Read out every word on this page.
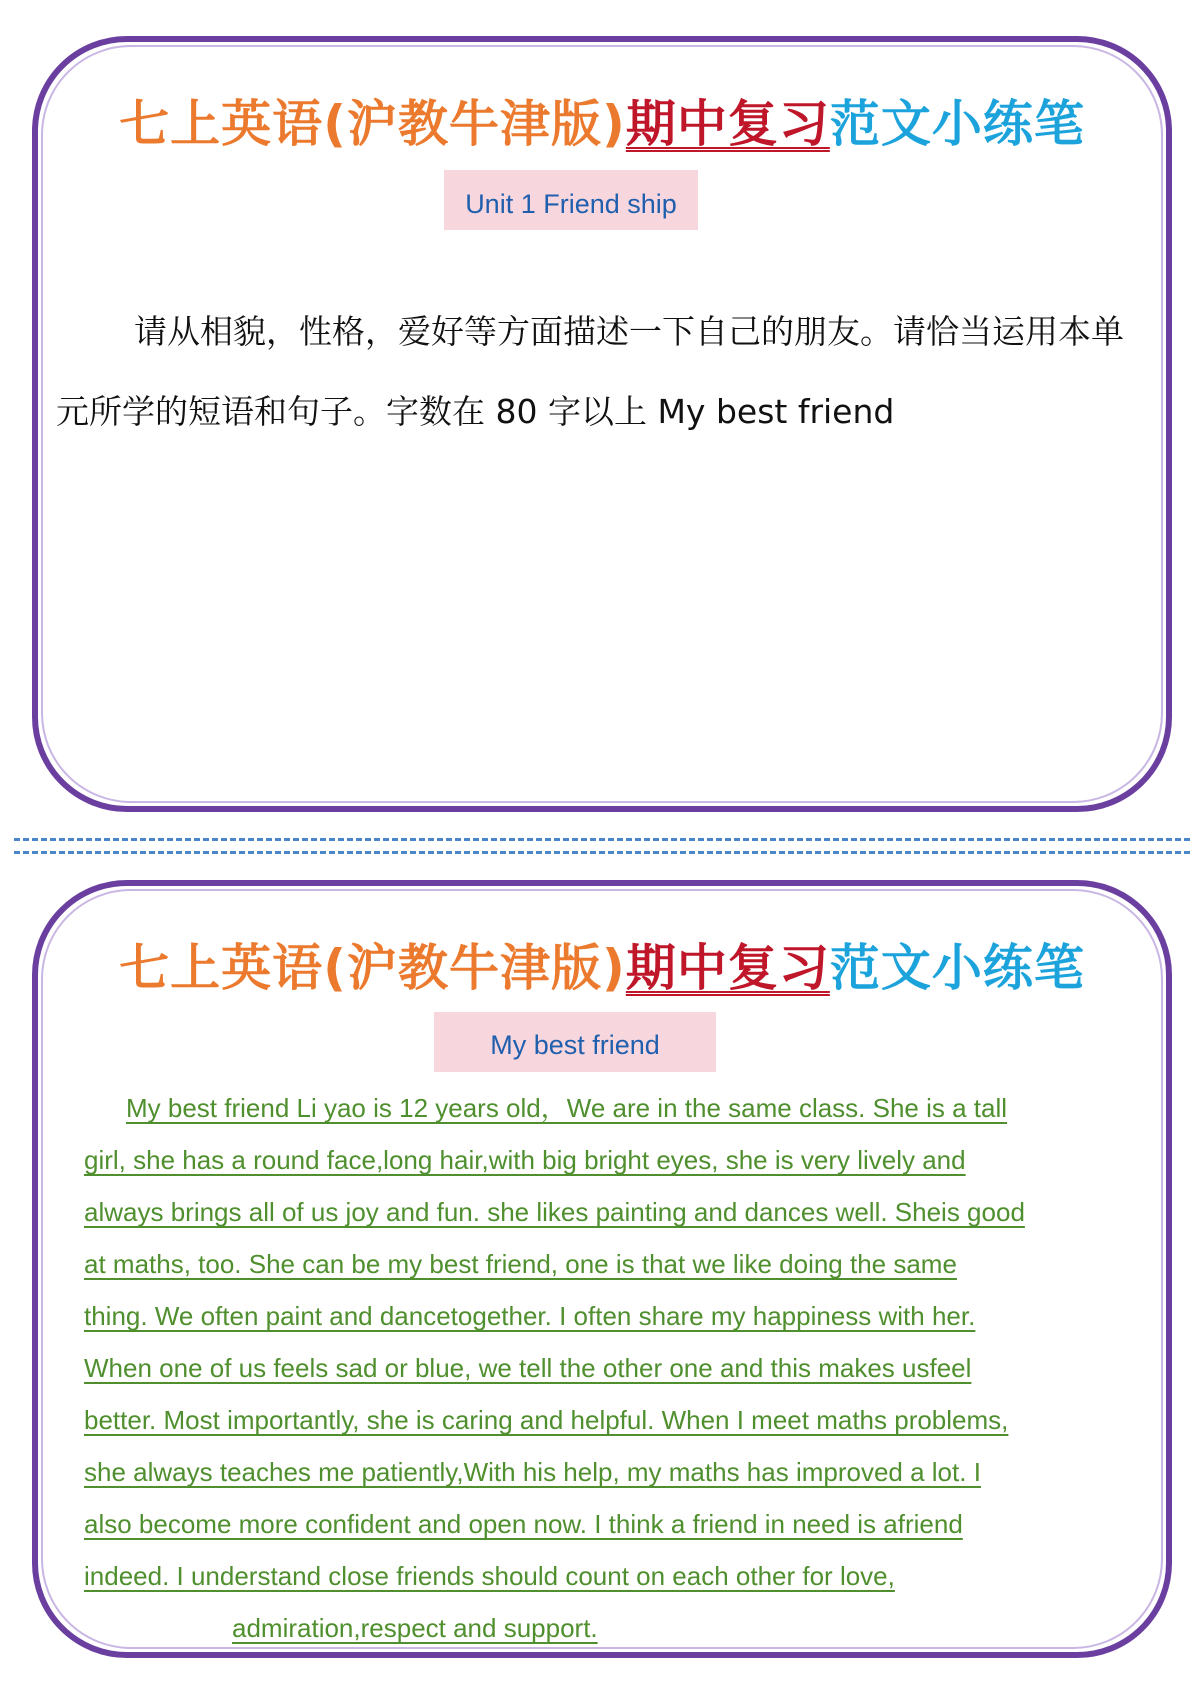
七上英语(沪教牛津版)期中复习范文小练笔
Unit 1 Friend ship
请从相貌，性格，爱好等方面描述一下自己的朋友。请恰当运用本单元所学的短语和句子。字数在 80 字以上 My best friend
七上英语(沪教牛津版)期中复习范文小练笔
My best friend
My best friend Li yao is 12 years old，We are in the same class. She is a tall
girl, she has a round face,long hair,with big bright eyes, she is very lively and
always brings all of us joy and fun. she likes painting and dances well. Sheis good
at maths, too. She can be my best friend, one is that we like doing the same
thing. We often paint and dancetogether. I often share my happiness with her.
When one of us feels sad or blue, we tell the other one and this makes usfeel
better. Most importantly, she is caring and helpful. When I meet maths problems,
she always teaches me patiently,With his help, my maths has improved a lot. I
also become more confident and open now. I think a friend in need is afriend
indeed. I understand close friends should count on each other for love,
admiration,respect and support.
